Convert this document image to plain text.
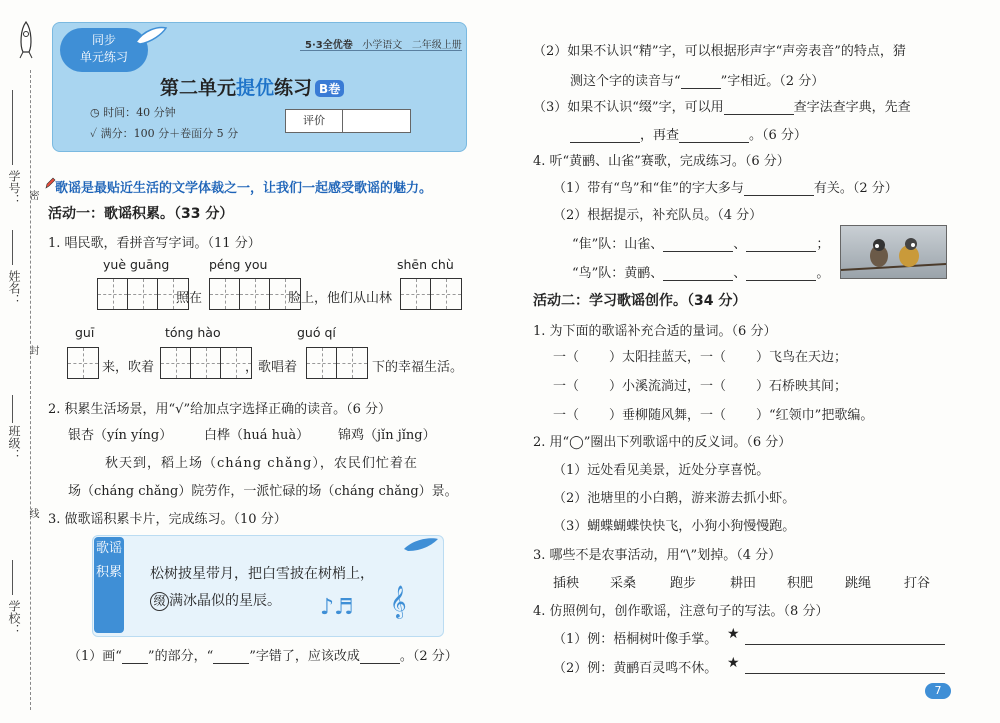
学校：
班级：
姓名：
学号：
线
封
密
同步
单元练习
5·3全优卷 小学语文 二年级上册
第二单元提优练习 B卷
◷ 时间：40 分钟
✓ 满分：100 分＋卷面分 5 分
评价
歌谣是最贴近生活的文学体裁之一，让我们一起感受歌谣的魅力。
活动一：歌谣积累。（33 分）
1. 唱民歌，看拼音写字词。（11 分）
yuè guāng	péng you	shēn chù
照在	脸上，他们从山林
guī	tóng hào	guó qí
来，吹着	，歌唱着	下的幸福生活。
2. 积累生活场景，用“√”给加点字选择正确的读音。（6 分）
银杏（yín yíng） 白桦（huá huà） 锦鸡（jǐn jǐng）
秋天到，稻上场（cháng chǎng），农民们忙着在
场（cháng chǎng）院劳作，一派忙碌的场（cháng chǎng）景。
3. 做歌谣积累卡片，完成练习。（10 分）
歌谣积累 松树披星带月，把白雪披在树梢上，
缀 满冰晶似的星辰。 ♪♬ 𝄞
（1）画“ ”的部分，“	”字错了，应该改成	。（2 分）
（2）如果不认识“精”字，可以根据形声字“声旁表音”的特点，猜
测这个字的读音与“	”字相近。（2 分）
（3）如果不认识“缀”字，可以用	查字法查字典，先查
，再查	。（6 分）
4. 听“黄鹂、山雀”赛歌，完成练习。（6 分）
（1）带有“鸟”和“隹”的字大多与	有关。（2 分）
（2）根据提示，补充队员。（4 分）
“隹”队：山雀、	、	；
“鸟”队：黄鹂、	、	。
活动二：学习歌谣创作。（34 分）
1. 为下面的歌谣补充合适的量词。（6 分）
一（ ）太阳挂蓝天，一（ ）飞鸟在天边；
一（ ）小溪流淌过，一（ ）石桥映其间；
一（ ）垂柳随风舞，一（ ）“红领巾”把歌编。
2. 用“◯”圈出下列歌谣中的反义词。（6 分）
（1）远处看见美景，近处分享喜悦。
（2）池塘里的小白鹅，游来游去抓小虾。
（3）蝴蝶蝴蝶快快飞，小狗小狗慢慢跑。
3. 哪些不是农事活动，用“\”划掉。（4 分）
插秧 采桑	跑步	耕田 积肥 跳绳	打谷
4. 仿照例句，创作歌谣，注意句子的写法。（8 分）
（1）例：梧桐树叶像手掌。 ★
（2）例：黄鹂百灵鸣不休。 ★
7
